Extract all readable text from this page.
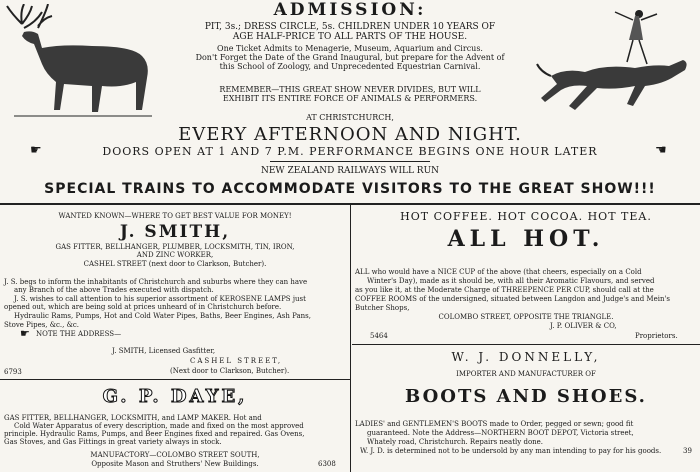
ADMISSION:
PIT, 3s.; DRESS CIRCLE, 5s. CHILDREN UNDER 10 YEARS OF
AGE HALF-PRICE TO ALL PARTS OF THE HOUSE.
One Ticket Admits to Menagerie, Museum, Aquarium and Circus.
Don't Forget the Date of the Grand Inaugural, but prepare for the Advent of
this School of Zoology, and Unprecedented Equestrian Carnival.
REMEMBER—THIS GREAT SHOW NEVER DIVIDES, BUT WILL
EXHIBIT ITS ENTIRE FORCE OF ANIMALS & PERFORMERS.
AT CHRISTCHURCH,
EVERY AFTERNOON AND NIGHT.
☛	DOORS OPEN AT 1 AND 7 P.M. PERFORMANCE BEGINS ONE HOUR LATER	☚
NEW ZEALAND RAILWAYS WILL RUN
SPECIAL TRAINS TO ACCOMMODATE VISITORS TO THE GREAT SHOW!!!
WANTED KNOWN—WHERE TO GET BEST VALUE FOR MONEY!
J. SMITH,
GAS FITTER, BELLHANGER, PLUMBER, LOCKSMITH, TIN, IRON,
AND ZINC WORKER,
CASHEL STREET (next door to Clarkson, Butcher).
J. S. begs to inform the inhabitants of Christchurch and suburbs where they can have
any Branch of the above Trades executed with dispatch.
J. S. wishes to call attention to his superior assortment of KEROSENE LAMPS just
opened out, which are being sold at prices unheard of in Christchurch before.
Hydraulic Rams, Pumps, Hot and Cold Water Pipes, Baths, Beer Engines, Ash Pans,
Stove Pipes, &c., &c.
☛ NOTE THE ADDRESS—
J. SMITH, Licensed Gasfitter,
CASHEL STREET,
(Next door to Clarkson, Butcher).
6793
G. P. DAYE,
GAS FITTER, BELLHANGER, LOCKSMITH, and LAMP MAKER. Hot and
Cold Water Apparatus of every description, made and fixed on the most approved
principle. Hydraulic Rams, Pumps, and Beer Engines fixed and repaired. Gas Ovens,
Gas Stoves, and Gas Fittings in great variety always in stock.
MANUFACTORY—COLOMBO STREET SOUTH,
Opposite Mason and Struthers' New Buildings.	6308
HOT COFFEE. HOT COCOA. HOT TEA.
ALL HOT.
ALL who would have a NICE CUP of the above (that cheers, especially on a Cold
Winter's Day), made as it should be, with all their Aromatic Flavours, and served
as you like it, at the Moderate Charge of THREEPENCE PER CUP, should call at the
COFFEE ROOMS of the undersigned, situated between Langdon and Judge's and Mein's
Butcher Shops,
COLOMBO STREET, OPPOSITE THE TRIANGLE.
J. P. OLIVER & CO,
Proprietors.
5464
W. J. DONNELLY,
IMPORTER AND MANUFACTURER OF
BOOTS AND SHOES.
LADIES' and GENTLEMEN'S BOOTS made to Order, pegged or sewn; good fit
guaranteed. Note the Address—NORTHERN BOOT DEPOT, Victoria street,
Whately road, Christchurch. Repairs neatly done.
W. J. D. is determined not to be undersold by any man intending to pay for his goods.	39
